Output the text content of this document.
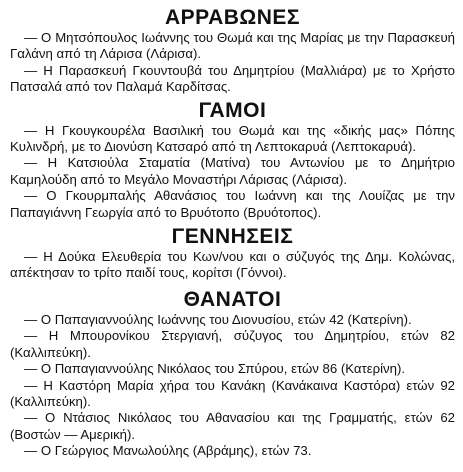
ΑΡΡΑΒΩΝΕΣ

— Ο Μητσόπουλος Ιωάννης του Θωμά και της Μαρίας με την Παρασκευή Γαλάνη από τη Λάρισα (Λάρισα).

— Η Παρασκευή Γκουντουβά του Δημητρίου (Μαλλιάρα) με το Χρήστο Πατσαλά από τον Παλαμά Καρδίτσας.

ΓΑΜΟΙ

— Η Γκουγκουρέλα Βασιλική του Θωμά και της «δικής μας» Πόπης Κυλινδρή, με το Διονύση Κατσαρό από τη Λεπτοκαρυά (Λεπτοκαρυά).

— Η Κατσιούλα Σταματία (Ματίνα) του Αντωνίου με το Δημήτριο Καμηλούδη από το Μεγάλο Μοναστήρι Λάρισας (Λάρισα).

— Ο Γκουρμπαλής Αθανάσιος του Ιωάννη και της Λουίζας με την Παπαγιάννη Γεωργία από το Βρυότοπο (Βρυότοπος).

ΓΕΝΝΗΣΕΙΣ

— Η Δούκα Ελευθερία του Κων/νου και ο σύζυγός της Δημ. Κολώνας, απέκτησαν το τρίτο παιδί τους, κορίτσι (Γόννοι).

ΘΑΝΑΤΟΙ

— Ο Παπαγιαννούλης Ιωάννης του Διονυσίου, ετών 42 (Κατερίνη).

— Η Μπουρονίκου Στεργιανή, σύζυγος του Δημητρίου, ετών 82 (Καλλιπεύκη).

— Ο Παπαγιαννούλης Νικόλαος του Σπύρου, ετών 86 (Κατερίνη).

— Η Καστόρη Μαρία χήρα του Κανάκη (Κανάκαινα Καστόρα) ετών 92 (Καλλιπεύκη).

— Ο Ντάσιος Νικόλαος του Αθανασίου και της Γραμματής, ετών 62 (Βοστών — Αμερική).

— Ο Γεώργιος Μανωλούλης (Αβράμης), ετών 73.
